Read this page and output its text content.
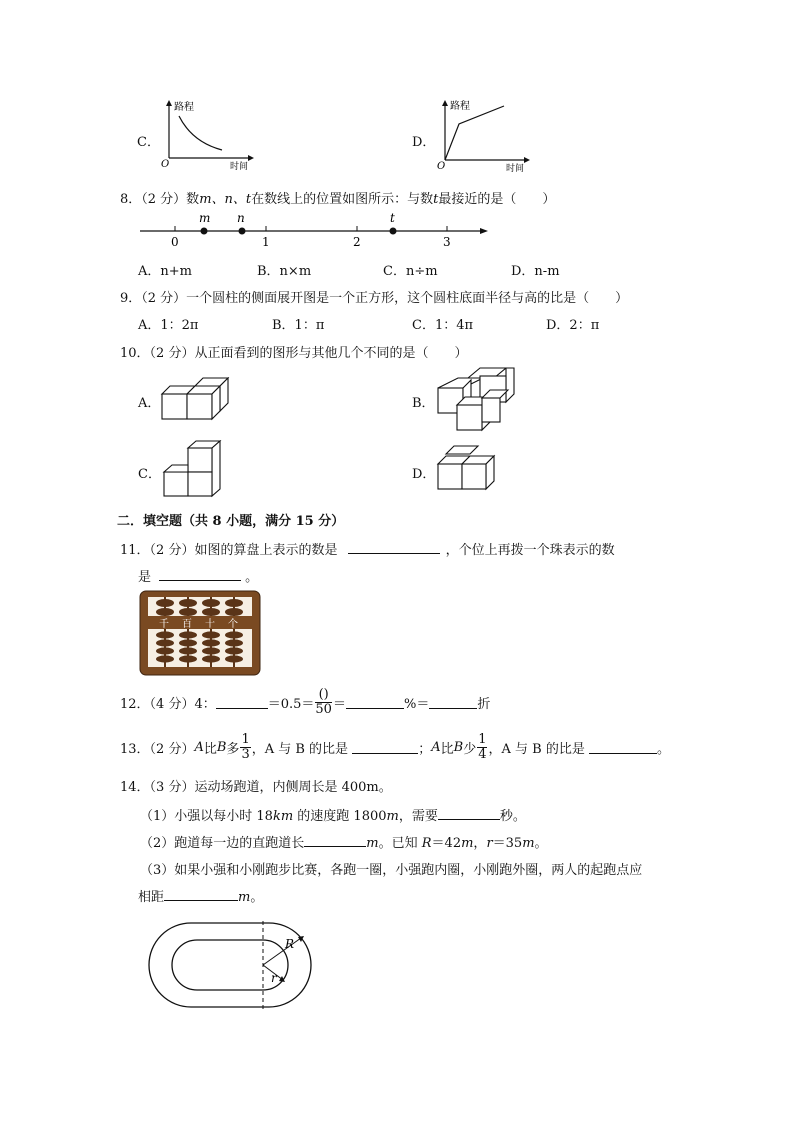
C．
路程
时间
O
D．
路程
时间
O
8．（2 分）数m、n、t在数线上的位置如图所示：与数t最接近的是（　　）
0	1	2	3
m n	t
A．n+m	B．n×m	C．n÷m	D．n-m
9．（2 分）一个圆柱的侧面展开图是一个正方形，这个圆柱底面半径与高的比是（　　）
A．1：2π	B．1：π	C．1：4π	D．2：π
10．（2 分）从正面看到的图形与其他几个不同的是（　　）
A．	B．
C．	D．
二．填空题（共 8 小题，满分 15 分）
11．（2 分）如图的算盘上表示的数是	，个位上再拨一个珠表示的数
是	。
千 百 十 个
12．（4 分）4：	$=0.5= \frac{()}{50}$ ＝	%＝	折
13．（2 分）A比B多 $\frac{1}{3}$ ，A 与 B 的比是	；A比B少 $\frac{1}{4}$ ，A 与 B 的比是	。
14．（3 分）运动场跑道，内侧周长是 400m。
（1）小强以每小时 18km 的速度跑 1800m，需要	秒。
（2）跑道每一边的直跑道长	m。已知 R＝42m，r＝35m。
（3）如果小强和小刚跑步比赛，各跑一圈，小强跑内圈，小刚跑外圈，两人的起跑点应
相距	m。
R
r
